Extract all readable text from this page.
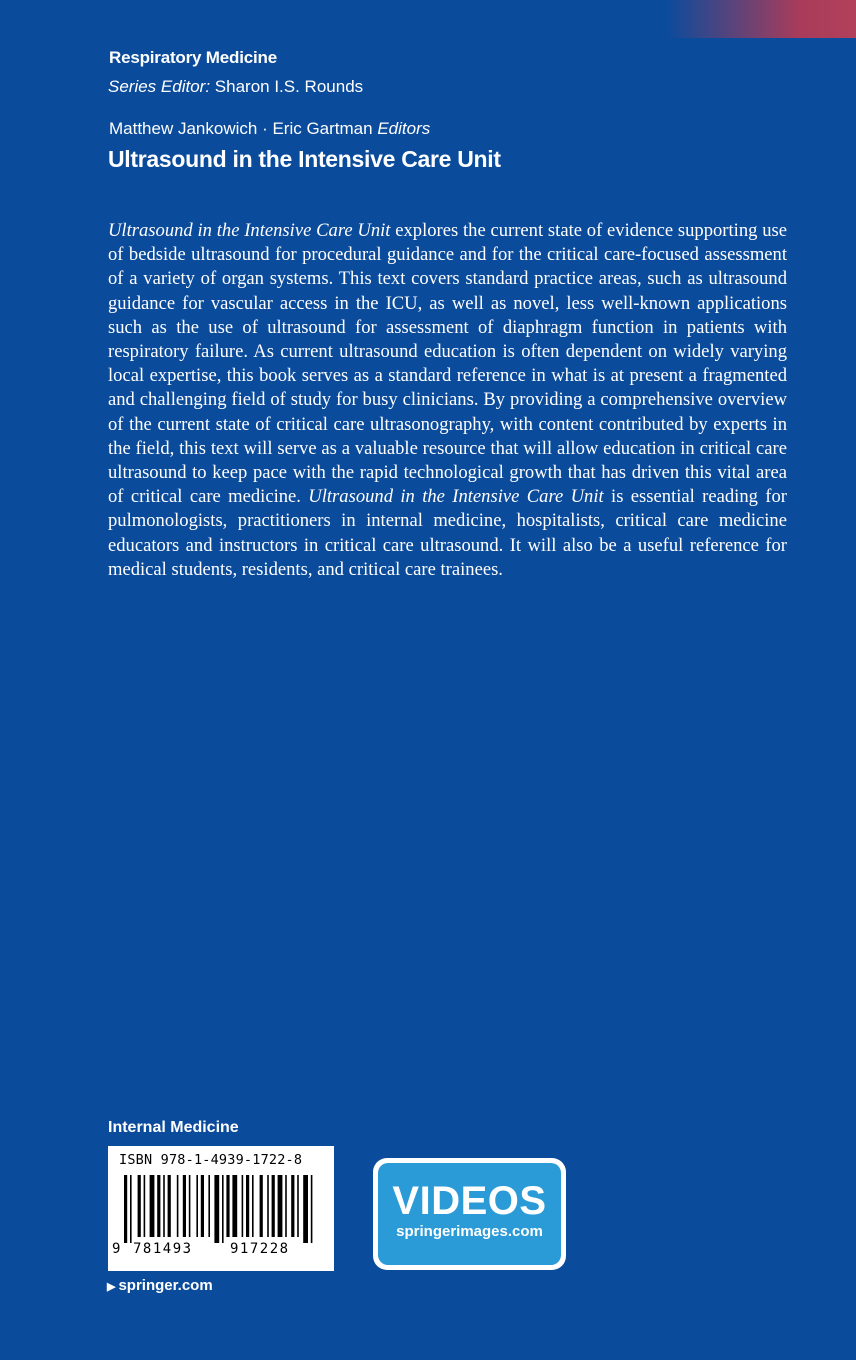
Respiratory Medicine
Series Editor: Sharon I.S. Rounds
Matthew Jankowich · Eric Gartman Editors
Ultrasound in the Intensive Care Unit

Ultrasound in the Intensive Care Unit explores the current state of evidence supporting use of bedside ultrasound for procedural guidance and for the critical care-focused assessment of a variety of organ systems. This text covers standard practice areas, such as ultrasound guidance for vascular access in the ICU, as well as novel, less well-known applications such as the use of ultrasound for assessment of diaphragm function in patients with respiratory failure. As current ultrasound education is often dependent on widely varying local expertise, this book serves as a standard reference in what is at present a fragmented and challenging field of study for busy clinicians. By providing a comprehensive overview of the current state of critical care ultrasonography, with content contributed by experts in the field, this text will serve as a valuable resource that will allow education in critical care ultrasound to keep pace with the rapid technological growth that has driven this vital area of critical care medicine. Ultrasound in the Intensive Care Unit is essential reading for pulmonologists, practitioners in internal medicine, hospitalists, critical care medicine educators and instructors in critical care ultrasound. It will also be a useful reference for medical students, residents, and critical care trainees.

Internal Medicine
ISBN 978-1-4939-1722-8
9 781493	917228
VIDEOS
springerimages.com
▶ springer.com
